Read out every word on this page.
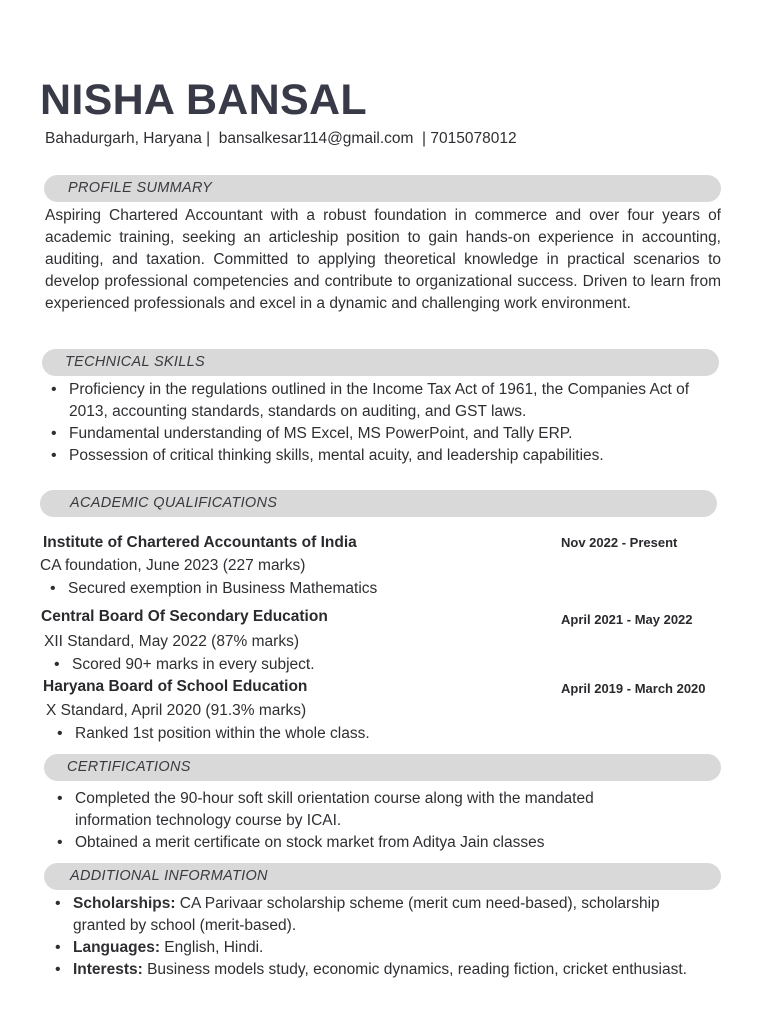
NISHA BANSAL
Bahadurgarh, Haryana |  bansalkesar114@gmail.com  | 7015078012
PROFILE SUMMARY
Aspiring Chartered Accountant with a robust foundation in commerce and over four years of academic training, seeking an articleship position to gain hands-on experience in accounting, auditing, and taxation. Committed to applying theoretical knowledge in practical scenarios to develop professional competencies and contribute to organizational success. Driven to learn from experienced professionals and excel in a dynamic and challenging work environment.
TECHNICAL SKILLS
• Proficiency in the regulations outlined in the Income Tax Act of 1961, the Companies Act of 2013, accounting standards, standards on auditing, and GST laws.
• Fundamental understanding of MS Excel, MS PowerPoint, and Tally ERP.
• Possession of critical thinking skills, mental acuity, and leadership capabilities.
ACADEMIC QUALIFICATIONS
Institute of Chartered Accountants of India	Nov 2022 - Present
CA foundation, June 2023 (227 marks)
• Secured exemption in Business Mathematics
Central Board Of Secondary Education	April 2021 - May 2022
XII Standard, May 2022 (87% marks)
• Scored 90+ marks in every subject.
Haryana Board of School Education	April 2019 - March 2020
X Standard, April 2020 (91.3% marks)
• Ranked 1st position within the whole class.
CERTIFICATIONS
• Completed the 90-hour soft skill orientation course along with the mandated information technology course by ICAI.
• Obtained a merit certificate on stock market from Aditya Jain classes
ADDITIONAL INFORMATION
• Scholarships: CA Parivaar scholarship scheme (merit cum need-based), scholarship granted by school (merit-based).
• Languages: English, Hindi.
• Interests: Business models study, economic dynamics, reading fiction, cricket enthusiast.
